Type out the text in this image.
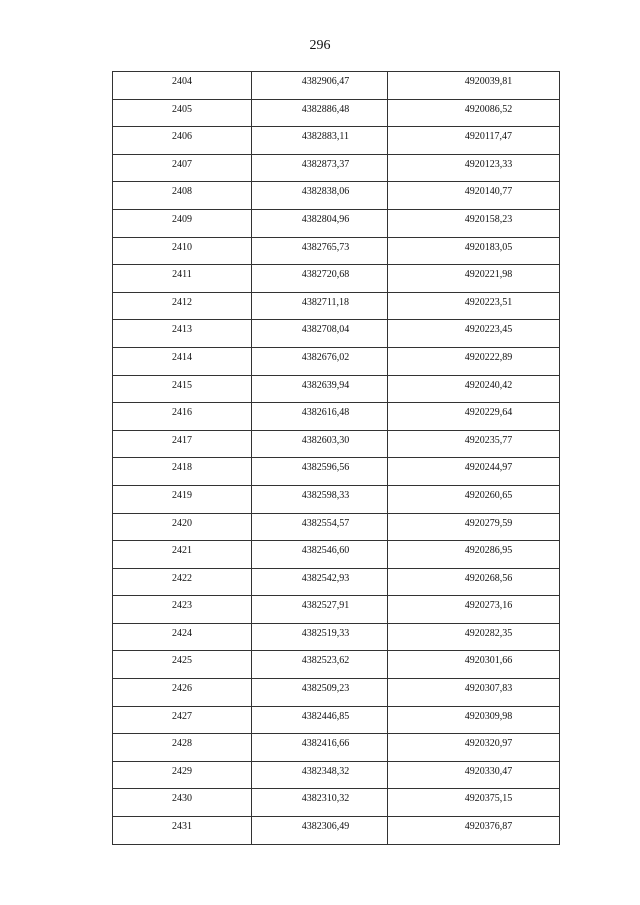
296
2404	4382906,47	4920039,81

2405	4382886,48	4920086,52

2406	4382883,11	4920117,47

2407	4382873,37	4920123,33

2408	4382838,06	4920140,77

2409	4382804,96	4920158,23

2410	4382765,73	4920183,05

2411	4382720,68	4920221,98

2412	4382711,18	4920223,51

2413	4382708,04	4920223,45

2414	4382676,02	4920222,89

2415	4382639,94	4920240,42

2416	4382616,48	4920229,64

2417	4382603,30	4920235,77

2418	4382596,56	4920244,97

2419	4382598,33	4920260,65

2420	4382554,57	4920279,59

2421	4382546,60	4920286,95

2422	4382542,93	4920268,56

2423	4382527,91	4920273,16

2424	4382519,33	4920282,35

2425	4382523,62	4920301,66

2426	4382509,23	4920307,83

2427	4382446,85	4920309,98

2428	4382416,66	4920320,97

2429	4382348,32	4920330,47

2430	4382310,32	4920375,15

2431	4382306,49	4920376,87
